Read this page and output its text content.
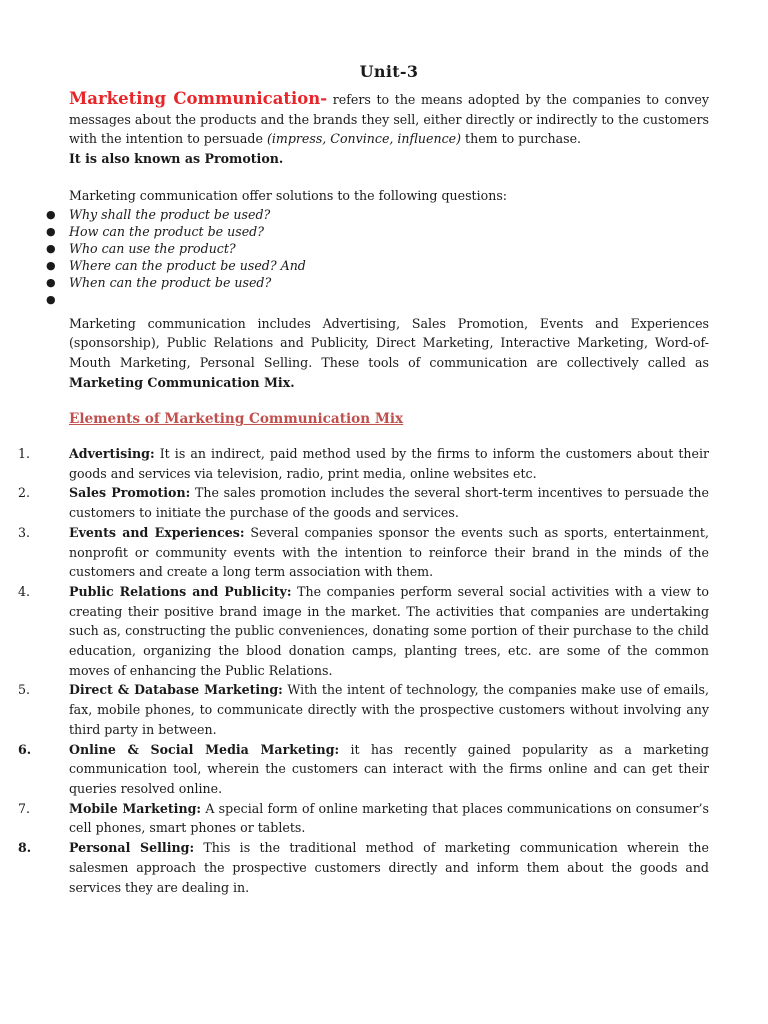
Unit-3
Marketing Communication- refers to the means adopted by the companies to convey messages about the products and the brands they sell, either directly or indirectly to the customers with the intention to persuade (impress, Convince, influence) them to purchase.
It is also known as Promotion.
Marketing communication offer solutions to the following questions:
● Why shall the product be used?
● How can the product be used?
● Who can use the product?
● Where can the product be used? And
● When can the product be used?
●
Marketing communication includes Advertising, Sales Promotion, Events and Experiences (sponsorship), Public Relations and Publicity, Direct Marketing, Interactive Marketing, Word-of- Mouth Marketing, Personal Selling. These tools of communication are collectively called as Marketing Communication Mix.
Elements of Marketing Communication Mix
1.	Advertising: It is an indirect, paid method used by the firms to inform the customers about their goods and services via television, radio, print media, online websites etc.
2.	Sales Promotion: The sales promotion includes the several short-term incentives to persuade the customers to initiate the purchase of the goods and services.
3.	Events and Experiences: Several companies sponsor the events such as sports, entertainment, nonprofit or community events with the intention to reinforce their brand in the minds of the customers and create a long term association with them.
4.	Public Relations and Publicity: The companies perform several social activities with a view to creating their positive brand image in the market. The activities that companies are undertaking such as, constructing the public conveniences, donating some portion of their purchase to the child education, organizing the blood donation camps, planting trees, etc. are some of the common moves of enhancing the Public Relations.
5.	Direct & Database Marketing: With the intent of technology, the companies make use of emails, fax, mobile phones, to communicate directly with the prospective customers without involving any third party in between.
6.	Online & Social Media Marketing: it has recently gained popularity as a marketing communication tool, wherein the customers can interact with the firms online and can get their queries resolved online.
7.	Mobile Marketing: A special form of online marketing that places communications on consumer’s cell phones, smart phones or tablets.
8.	Personal Selling: This is the traditional method of marketing communication wherein the salesmen approach the prospective customers directly and inform them about the goods and services they are dealing in.
